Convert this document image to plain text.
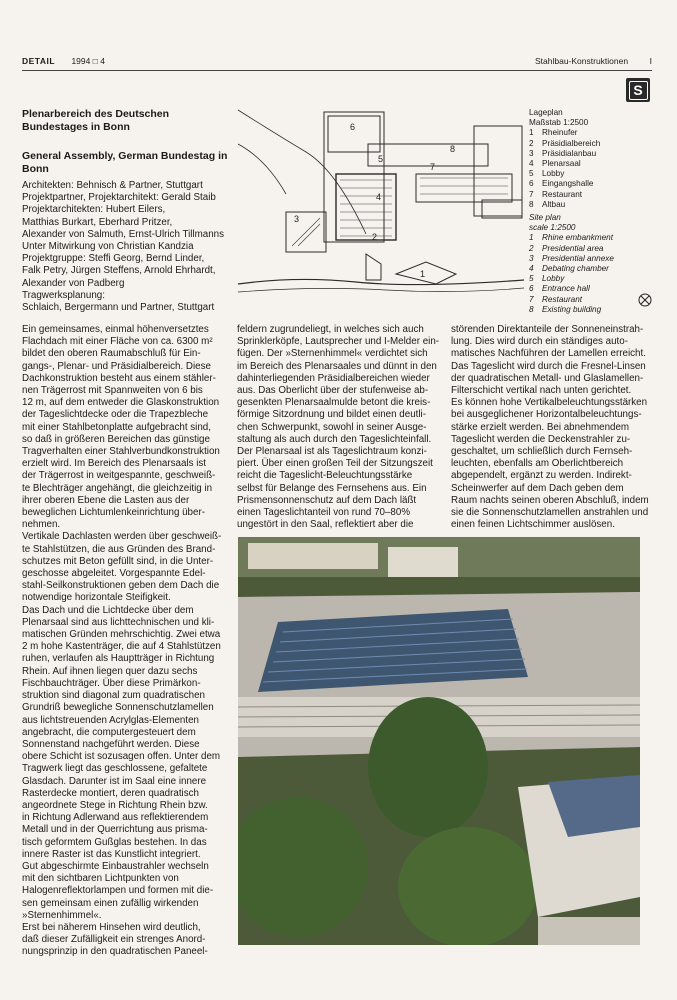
DETAIL 1994 □ 4	Stahlbau-Konstruktionen	I
S
Plenarbereich des Deutschen Bundestages in Bonn
General Assembly, German Bundestag in Bonn
Architekten: Behnisch & Partner, Stuttgart
Projektpartner, Projektarchitekt: Gerald Staib
Projektarchitekten: Hubert Eilers,
Matthias Burkart, Eberhard Pritzer,
Alexander von Salmuth, Ernst-Ulrich Tillmanns
Unter Mitwirkung von Christian Kandzia
Projektgruppe: Steffi Georg, Bernd Linder,
Falk Petry, Jürgen Steffens, Arnold Ehrhardt,
Alexander von Padberg
Tragwerksplanung:
Schlaich, Bergermann und Partner, Stuttgart
1
2
3
4
5
6
7
8
Lageplan
Maßstab 1:2500
1 Rheinufer
2 Präsidialbereich
3 Präsidialanbau
4 Plenarsaal
5 Lobby
6 Eingangshalle
7 Restaurant
8 Altbau
Site plan
scale 1:2500
1 Rhine embankment
2 Presidential area
3 Presidential annexe
4 Debating chamber
5 Lobby
6 Entrance hall
7 Restaurant
8 Existing building
Ein gemeinsames, einmal höhenversetztes
Flachdach mit einer Fläche von ca. 6300 m²
bildet den oberen Raumabschluß für Ein-
gangs-, Plenar- und Präsidialbereich. Diese
Dachkonstruktion besteht aus einem stähler-
nen Trägerrost mit Spannweiten von 6 bis
12 m, auf dem entweder die Glaskonstruktion
der Tageslichtdecke oder die Trapezbleche
mit einer Stahlbetonplatte aufgebracht sind,
so daß in größeren Bereichen das günstige
Tragverhalten einer Stahlverbundkonstruktion
erzielt wird. Im Bereich des Plenarsaals ist
der Trägerrost in weitgespannte, geschweiß-
te Blechträger angehängt, die gleichzeitig in
ihrer oberen Ebene die Lasten aus der
beweglichen Lichtumlenkeinrichtung über-
nehmen.
Vertikale Dachlasten werden über geschweiß-
te Stahlstützen, die aus Gründen des Brand-
schutzes mit Beton gefüllt sind, in die Unter-
geschosse abgeleitet. Vorgespannte Edel-
stahl-Seilkonstruktionen geben dem Dach die
notwendige horizontale Steifigkeit.
Das Dach und die Lichtdecke über dem
Plenarsaal sind aus lichttechnischen und kli-
matischen Gründen mehrschichtig. Zwei etwa
2 m hohe Kastenträger, die auf 4 Stahlstützen
ruhen, verlaufen als Hauptträger in Richtung
Rhein. Auf ihnen liegen quer dazu sechs
Fischbauchträger. Über diese Primärkon-
struktion sind diagonal zum quadratischen
Grundriß bewegliche Sonnenschutzlamellen
aus lichtstreuenden Acrylglas-Elementen
angebracht, die computergesteuert dem
Sonnenstand nachgeführt werden. Diese
obere Schicht ist sozusagen offen. Unter dem
Tragwerk liegt das geschlossene, gefaltete
Glasdach. Darunter ist im Saal eine innere
Rasterdecke montiert, deren quadratisch
angeordnete Stege in Richtung Rhein bzw.
in Richtung Adlerwand aus reflektierendem
Metall und in der Querrichtung aus prisma-
tisch geformtem Gußglas bestehen. In das
innere Raster ist das Kunstlicht integriert.
Gut abgeschirmte Einbaustrahler wechseln
mit den sichtbaren Lichtpunkten von
Halogenreflektorlampen und formen mit die-
sen gemeinsam einen zufällig wirkenden
»Sternenhimmel«.
Erst bei näherem Hinsehen wird deutlich,
daß dieser Zufälligkeit ein strenges Anord-
nungsprinzip in den quadratischen Paneel-
feldern zugrundeliegt, in welches sich auch
Sprinklerköpfe, Lautsprecher und I-Melder ein-
fügen. Der »Sternenhimmel« verdichtet sich
im Bereich des Plenarsaales und dünnt in den
dahinterliegenden Präsidialbereichen wieder
aus. Das Oberlicht über der stufenweise ab-
gesenkten Plenarsaalmulde betont die kreis-
förmige Sitzordnung und bildet einen deutli-
chen Schwerpunkt, sowohl in seiner Ausge-
staltung als auch durch den Tageslichteinfall.
Der Plenarsaal ist als Tageslichtraum konzi-
piert. Über einen großen Teil der Sitzungszeit
reicht die Tageslicht-Beleuchtungsstärke
selbst für Belange des Fernsehens aus. Ein
Prismensonnenschutz auf dem Dach läßt
einen Tageslichtanteil von rund 70–80%
ungestört in den Saal, reflektiert aber die
störenden Direktanteile der Sonneneinstrah-
lung. Dies wird durch ein ständiges auto-
matisches Nachführen der Lamellen erreicht.
Das Tageslicht wird durch die Fresnel-Linsen
der quadratischen Metall- und Glaslamellen-
Filterschicht vertikal nach unten gerichtet.
Es können hohe Vertikalbeleuchtungsstärken
bei ausgeglichener Horizontalbeleuchtungs-
stärke erzielt werden. Bei abnehmendem
Tageslicht werden die Deckenstrahler zu-
geschaltet, um schließlich durch Fernseh-
leuchten, ebenfalls am Oberlichtbereich
abgependelt, ergänzt zu werden. Indirekt-
Scheinwerfer auf dem Dach geben dem
Raum nachts seinen oberen Abschluß, indem
sie die Sonnenschutzlamellen anstrahlen und
einen feinen Lichtschimmer auslösen.
